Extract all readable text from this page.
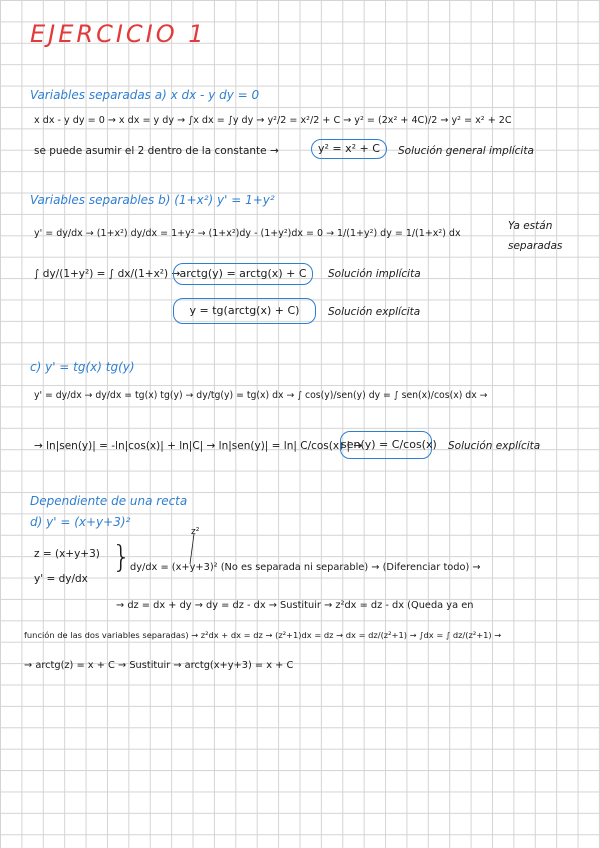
EJERCICIO 1
Variables separadas a) x dx - y dy = 0
x dx - y dy = 0 → x dx = y dy → ∫x dx = ∫y dy → y²/2 = x²/2 + C → y² = (2x² + 4C)/2 → y² = x² + 2C
se puede asumir el 2 dentro de la constante →	y² = x² + C	Solución general implícita
Variables separables b) (1+x²) y' = 1+y²
y' = dy/dx → (1+x²) dy/dx = 1+y² → (1+x²)dy - (1+y²)dx = 0 → 1/(1+y²) dy = 1/(1+x²) dx
Ya están
separadas
∫ dy/(1+y²) = ∫ dx/(1+x²) → arctg(y) = arctg(x) + C	Solución implícita
y = tg(arctg(x) + C)	Solución explícita
c) y' = tg(x) tg(y)
y' = dy/dx → dy/dx = tg(x) tg(y) → dy/tg(y) = tg(x) dx → ∫ cos(y)/sen(y) dy = ∫ sen(x)/cos(x) dx →
→ ln|sen(y)| = -ln|cos(x)| + ln|C| → ln|sen(y)| = ln| C/cos(x) | →
sen(y) = C/cos(x) Solución explícita
Dependiente de una recta
d) y' = (x+y+3)²
z²
z = (x+y+3)
y' = dy/dx
}
dy/dx = (x+y+3)² (No es separada ni separable) → (Diferenciar todo) →
→ dz = dx + dy → dy = dz - dx → Sustituir → z²dx = dz - dx (Queda ya en
función de las dos variables separadas) → z²dx + dx = dz → (z²+1)dx = dz → dx = dz/(z²+1) → ∫dx = ∫ dz/(z²+1) →
→ arctg(z) = x + C → Sustituir → arctg(x+y+3) = x + C
